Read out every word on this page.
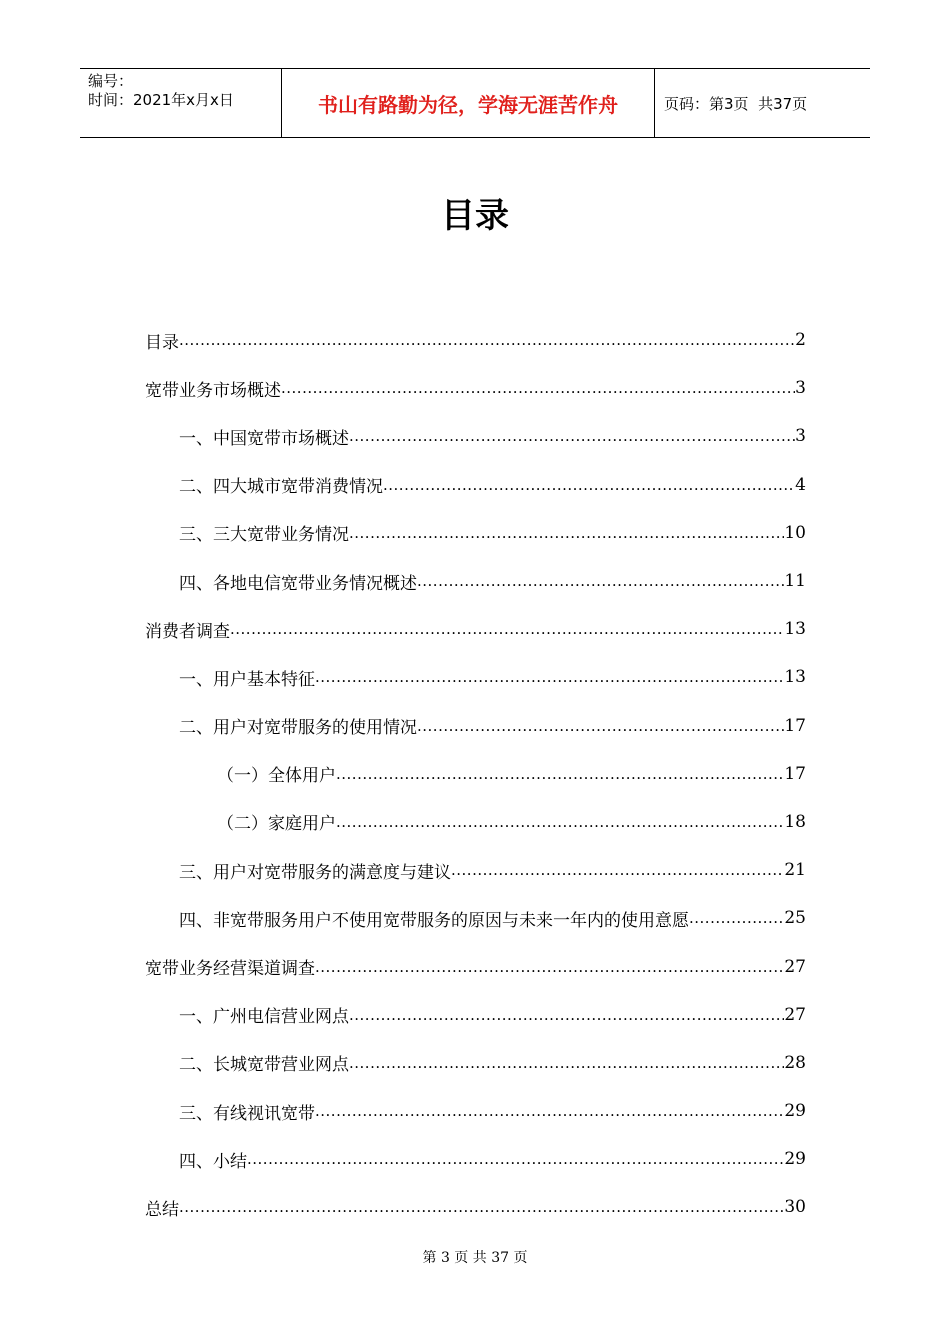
编号：
时间：2021年x月x日	书山有路勤为径，学海无涯苦作舟	页码：第3页  共37页
目录
目录 .....	2
宽带业务市场概述 .....	3
一、中国宽带市场概述 .....	3
二、四大城市宽带消费情况 .....	4
三、三大宽带业务情况 .....	10
四、各地电信宽带业务情况概述 .....	11
消费者调查 .....	13
一、用户基本特征 .....	13
二、用户对宽带服务的使用情况 .....	17
（一）全体用户 .....	17
（二）家庭用户 .....	18
三、用户对宽带服务的满意度与建议 .....	21
四、非宽带服务用户不使用宽带服务的原因与未来一年内的使用意愿 .....	25
宽带业务经营渠道调查 .....	27
一、广州电信营业网点 .....	27
二、长城宽带营业网点 .....	28
三、有线视讯宽带 .....	29
四、小结 .....	29
总结 .....	30
第 3 页 共 37 页
